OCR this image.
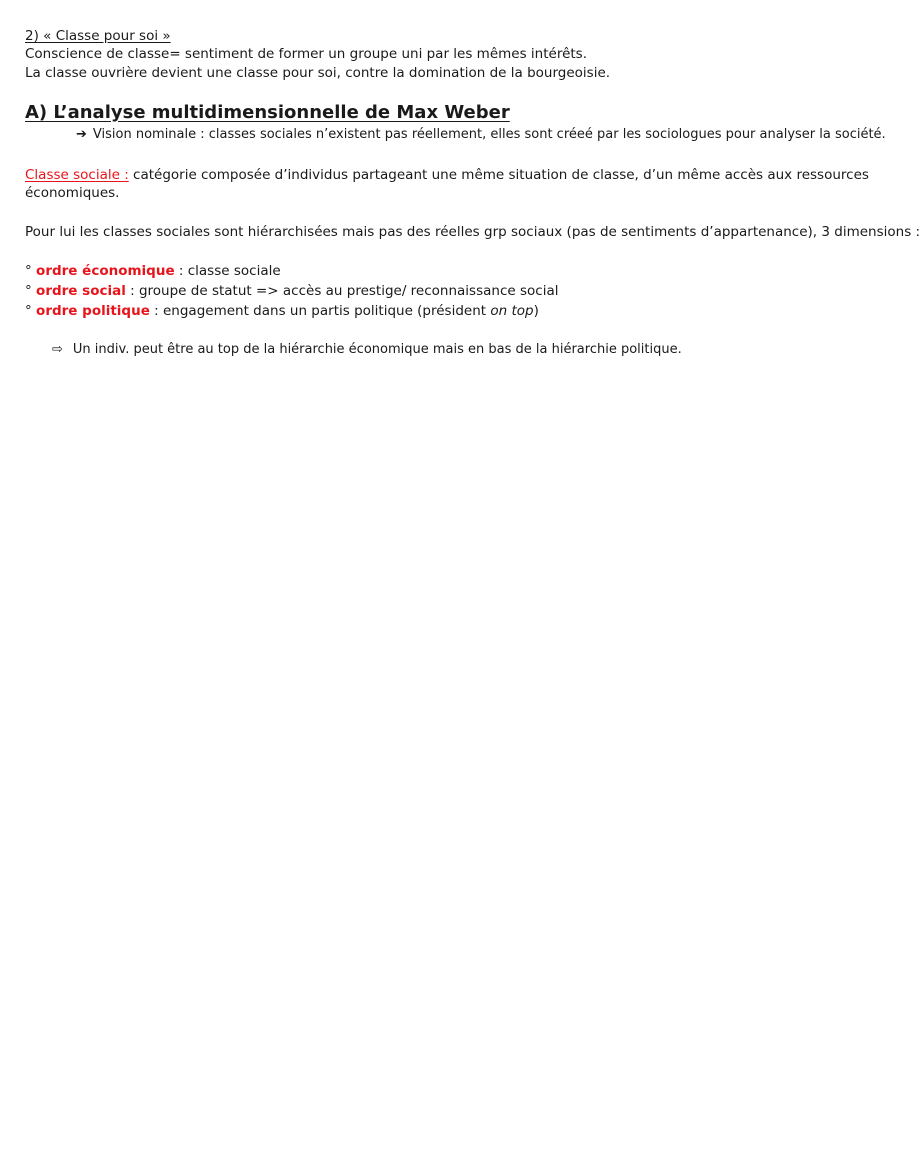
2) « Classe pour soi »
Conscience de classe= sentiment de former un groupe uni par les mêmes intérêts.
La classe ouvrière devient une classe pour soi, contre la domination de la bourgeoisie.
A) L’analyse multidimensionnelle de Max Weber
➔ Vision nominale : classes sociales n’existent pas réellement, elles sont créeé par les sociologues pour analyser la société.
Classe sociale : catégorie composée d’individus partageant une même situation de classe, d’un même accès aux ressources
économiques.
Pour lui les classes sociales sont hiérarchisées mais pas des réelles grp sociaux (pas de sentiments d’appartenance), 3 dimensions :
° ordre économique : classe sociale
° ordre social : groupe de statut => accès au prestige/ reconnaissance social
° ordre politique : engagement dans un partis politique (président on top)
⇨ Un indiv. peut être au top de la hiérarchie économique mais en bas de la hiérarchie politique.
